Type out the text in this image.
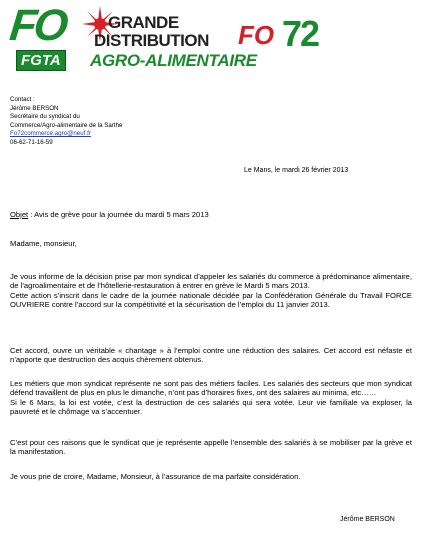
FO
FGTA
GRANDE
DISTRIBUTION FO 72
AGRO-ALIMENTAIRE
Contact :
Jérôme BERSON
Secrétaire du syndicat du
Commerce/Agro-alimentaire de la Sarthe
Fo72commerce.agro@neuf.fr
06-62-71-16-59
Le Mans, le mardi 26 février 2013
Objet : Avis de grève pour la journée du mardi 5 mars 2013

Madame, monsieur,

Je vous informe de la décision prise par mon syndicat d’appeler les salariés du commerce à prédominance alimentaire, de l’agroalimentaire et de l’hôtellerie-restauration à entrer en grève le Mardi 5 mars 2013.

Cette action s’inscrit dans le cadre de la journée nationale décidée par la Confédération Générale du Travail FORCE OUVRIERE contre l’accord sur la compétitivité et la sécurisation de l’emploi du 11 janvier 2013.

Cet accord, ouvre un véritable « chantage » à l’emploi contre une réduction des salaires. Cet accord est néfaste et n’apporte que destruction des acquis chèrement obtenus.

Les métiers que mon syndicat représente ne sont pas des métiers faciles. Les salariés des secteurs que mon syndicat défend travaillent de plus en plus le dimanche, n’ont pas d’horaires fixes, ont des salaires au minima, etc……

Si le 6 Mars, la loi est votée, c’est la destruction de ces salariés qui sera votée. Leur vie familiale va exploser, la pauvreté et le chômage va s’accentuer.

C’est pour ces raisons que le syndicat que je représente appelle l’ensemble des salariés à se mobiliser par la grève et la manifestation.

Je vous prie de croire, Madame, Monsieur, à l’assurance de ma parfaite considération.

Jérôme BERSON
